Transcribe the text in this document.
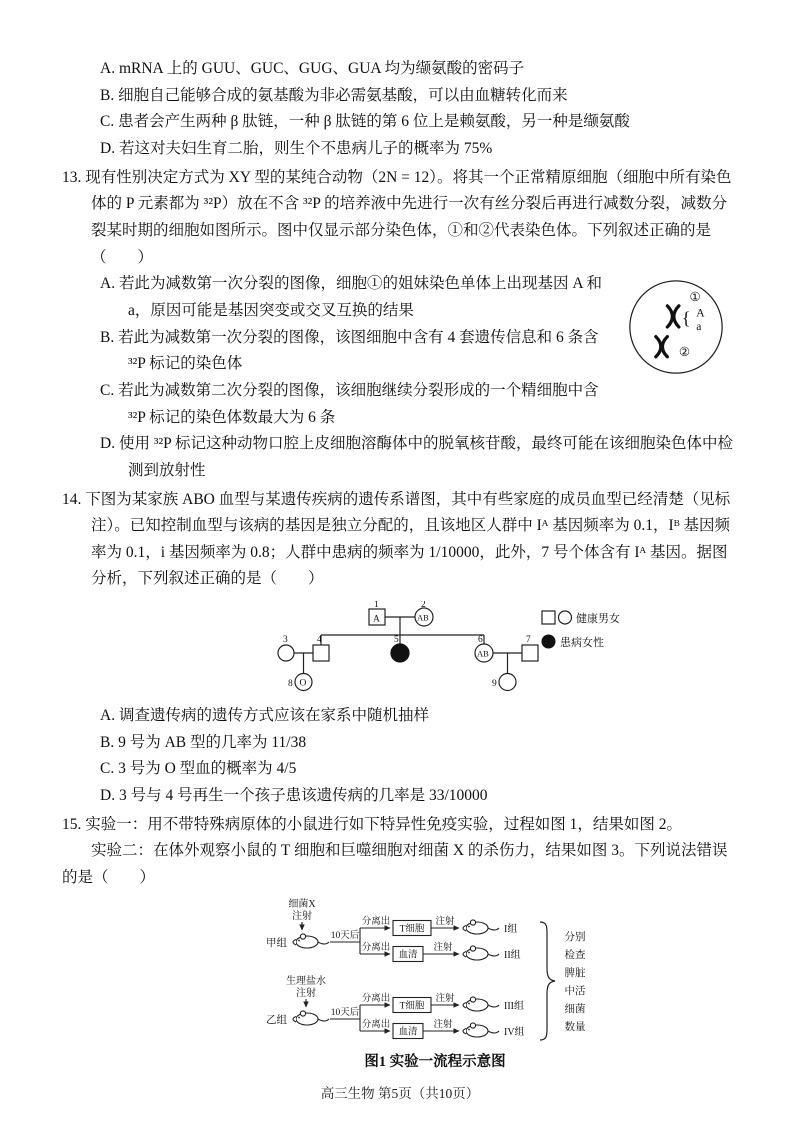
A. mRNA 上的 GUU、GUC、GUG、GUA 均为缬氨酸的密码子

B. 细胞自己能够合成的氨基酸为非必需氨基酸，可以由血糖转化而来

C. 患者会产生两种 β 肽链，一种 β 肽链的第 6 位上是赖氨酸，另一种是缬氨酸

D. 若这对夫妇生育二胎，则生个不患病儿子的概率为 75%

13. 现有性别决定方式为 XY 型的某纯合动物（2N = 12）。将其一个正常精原细胞（细胞中所有染色体的 P 元素都为 ³²P）放在不含 ³²P 的培养液中先进行一次有丝分裂后再进行减数分裂，减数分裂某时期的细胞如图所示。图中仅显示部分染色体，①和②代表染色体。下列叙述正确的是（　　）

①
{ A
a
②

A. 若此为减数第一次分裂的图像，细胞①的姐妹染色单体上出现基因 A 和 a，原因可能是基因突变或交叉互换的结果

B. 若此为减数第一次分裂的图像，该图细胞中含有 4 套遗传信息和 6 条含 ³²P 标记的染色体

C. 若此为减数第二次分裂的图像，该细胞继续分裂形成的一个精细胞中含 ³²P 标记的染色体数最大为 6 条

D. 使用 ³²P 标记这种动物口腔上皮细胞溶酶体中的脱氧核苷酸，最终可能在该细胞染色体中检测到放射性

14. 下图为某家族 ABO 血型与某遗传疾病的遗传系谱图，其中有些家庭的成员血型已经清楚（见标注）。已知控制血型与该病的基因是独立分配的，且该地区人群中 Iᴬ 基因频率为 0.1，Iᴮ 基因频率为 0.1，i 基因频率为 0.8；人群中患病的频率为 1/10000，此外，7 号个体含有 Iᴬ 基因。据图分析，下列叙述正确的是（　　）

1	2
3	4	5	6	7
8	9
A	AB
AB
O
健康男女
患病女性

A. 调查遗传病的遗传方式应该在家系中随机抽样

B. 9 号为 AB 型的几率为 11/38

C. 3 号为 O 型血的概率为 4/5

D. 3 号与 4 号再生一个孩子患该遗传病的几率是 33/10000

15. 实验一：用不带特殊病原体的小鼠进行如下特异性免疫实验，过程如图 1，结果如图 2。

实验二：在体外观察小鼠的 T 细胞和巨噬细胞对细菌 X 的杀伤力，结果如图 3。下列说法错误的是（　　）

细菌X
注射
甲组
10天后
分离出
T细胞
注射
I组
分离出
血清
注射
II组
生理盐水
注射
乙组
10天后
分离出
T细胞
注射
III组
分离出
血清
注射
IV组
分别
检查
脾脏
中活
细菌
数量
图1 实验一流程示意图
高三生物 第5页（共10页）
